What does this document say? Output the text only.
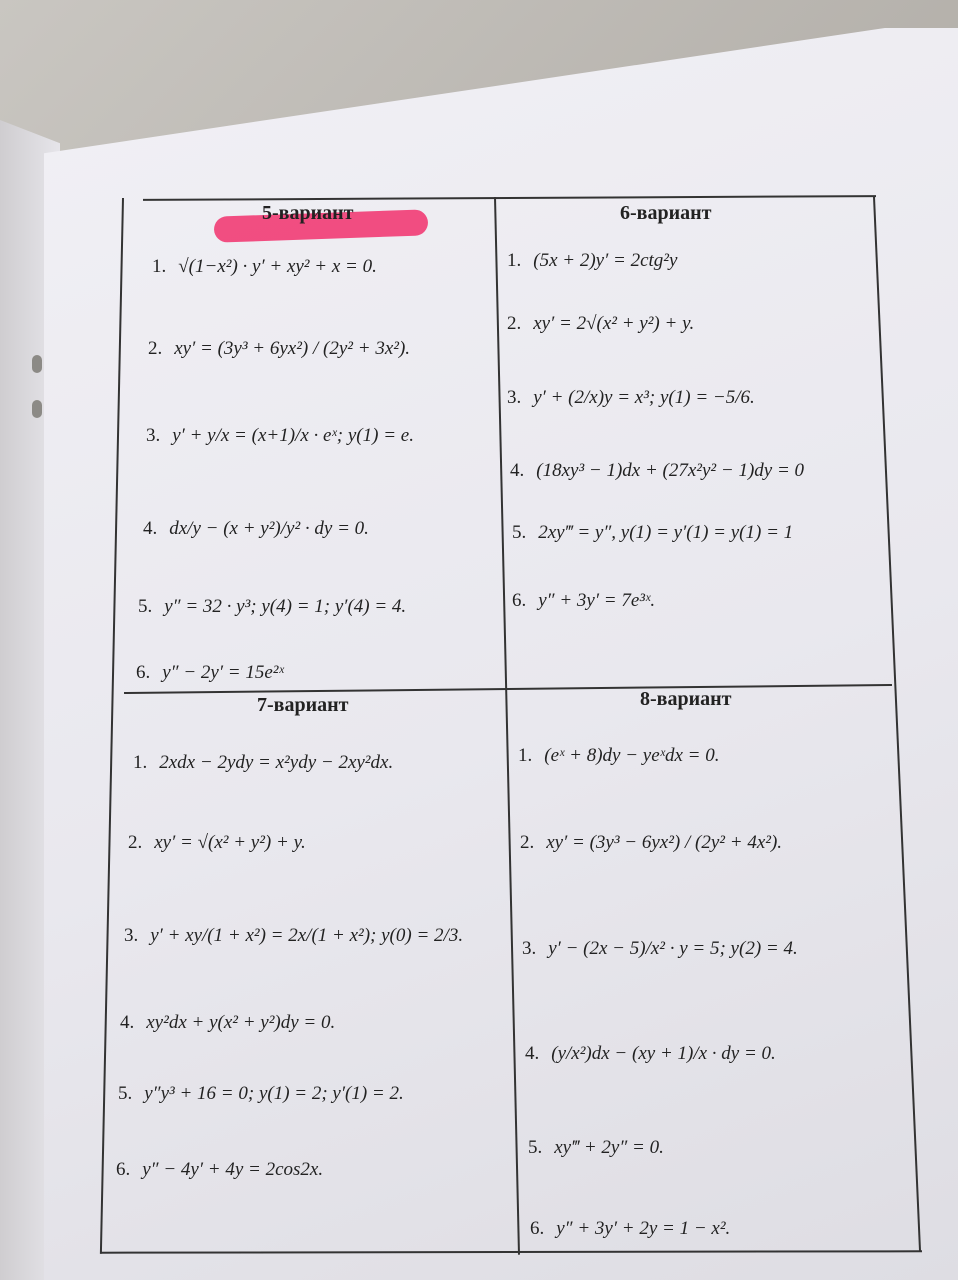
5-вариант
1. √(1−x²) · y′ + xy² + x = 0.
2. xy′ = (3y³ + 6yx²) / (2y² + 3x²).
3. y′ + y/x = (x+1)/x · eˣ; y(1) = e.
4. dx/y − (x + y²)/y² · dy = 0.
5. y″ = 32 · y³; y(4) = 1; y′(4) = 4.
6. y″ − 2y′ = 15e²ˣ
6-вариант
1. (5x + 2)y′ = 2ctg²y
2. xy′ = 2√(x² + y²) + y.
3. y′ + (2/x)y = x³; y(1) = −5/6.
4. (18xy³ − 1)dx + (27x²y² − 1)dy = 0
5. 2xy‴ = y″, y(1) = y′(1) = y(1) = 1
6. y″ + 3y′ = 7e³ˣ.
7-вариант
1. 2xdx − 2ydy = x²ydy − 2xy²dx.
2. xy′ = √(x² + y²) + y.
3. y′ + xy/(1 + x²) = 2x/(1 + x²); y(0) = 2/3.
4. xy²dx + y(x² + y²)dy = 0.
5. y″y³ + 16 = 0; y(1) = 2; y′(1) = 2.
6. y″ − 4y′ + 4y = 2cos2x.
8-вариант
1. (eˣ + 8)dy − yeˣdx = 0.
2. xy′ = (3y³ − 6yx²) / (2y² + 4x²).
3. y′ − (2x − 5)/x² · y = 5; y(2) = 4.
4. (y/x²)dx − (xy + 1)/x · dy = 0.
5. xy‴ + 2y″ = 0.
6. y″ + 3y′ + 2y = 1 − x².
